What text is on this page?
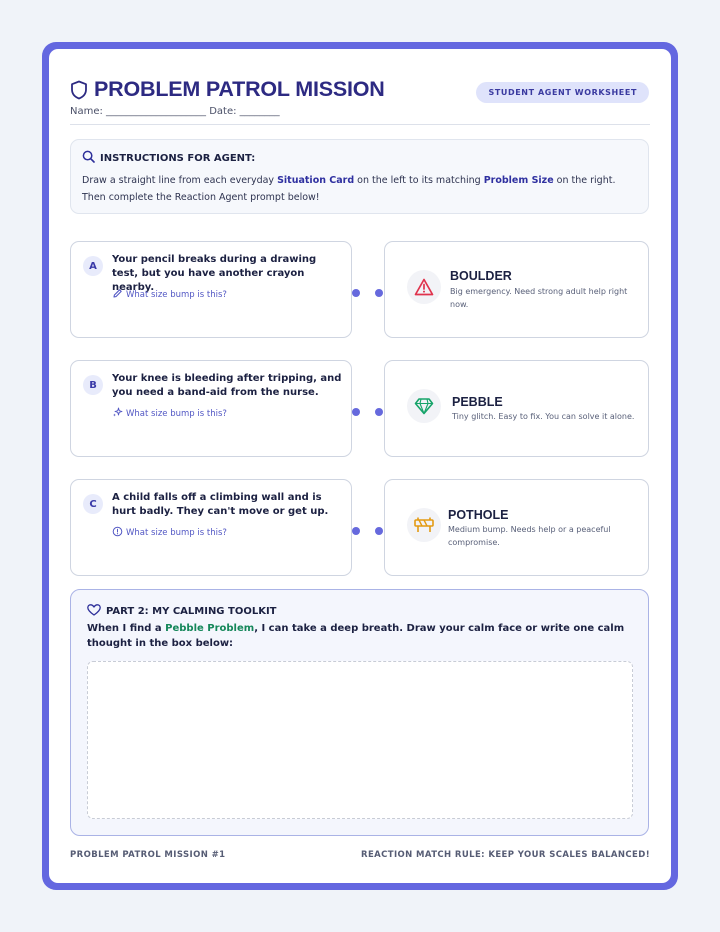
PROBLEM PATROL MISSION
Name: ____________________ Date: ________
STUDENT AGENT WORKSHEET
INSTRUCTIONS FOR AGENT:
Draw a straight line from each everyday Situation Card on the left to its matching Problem Size on the right. Then complete the Reaction Agent prompt below!
A
Your pencil breaks during a drawing test, but you have another crayon nearby.
What size bump is this?
BOULDER
Big emergency. Need strong adult help right now.
B
Your knee is bleeding after tripping, and you need a band-aid from the nurse.
What size bump is this?
PEBBLE
Tiny glitch. Easy to fix. You can solve it alone.
C
A child falls off a climbing wall and is hurt badly. They can't move or get up.
What size bump is this?
POTHOLE
Medium bump. Needs help or a peaceful compromise.
PART 2: MY CALMING TOOLKIT
When I find a Pebble Problem, I can take a deep breath. Draw your calm face or write one calm thought in the box below:
PROBLEM PATROL MISSION #1	REACTION MATCH RULE: KEEP YOUR SCALES BALANCED!
